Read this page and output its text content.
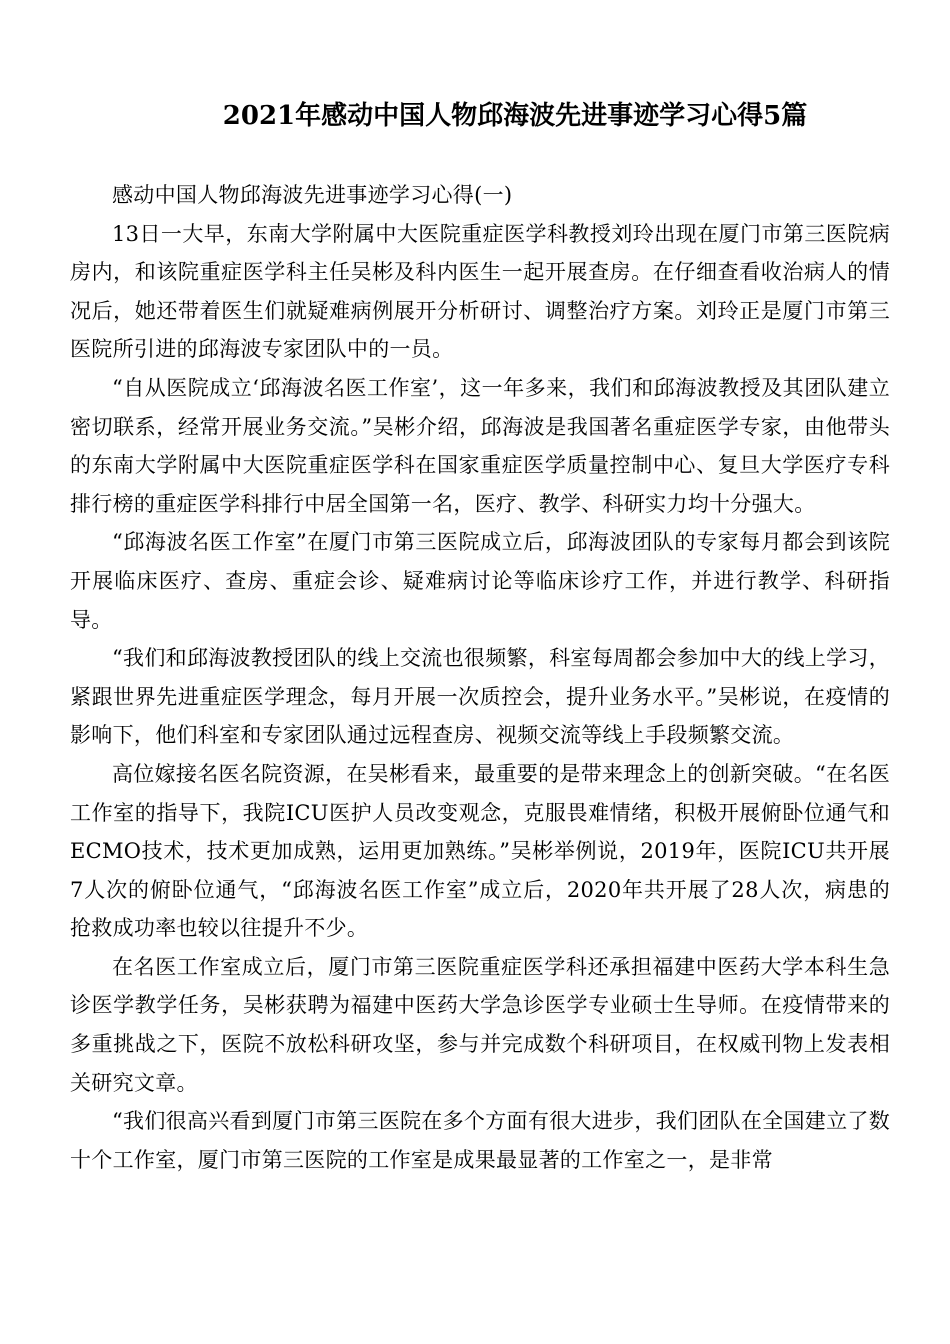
2021年感动中国人物邱海波先进事迹学习心得5篇

感动中国人物邱海波先进事迹学习心得(一)

13日一大早，东南大学附属中大医院重症医学科教授刘玲出现在厦门市第三医院病房内，和该院重症医学科主任吴彬及科内医生一起开展查房。在仔细查看收治病人的情况后，她还带着医生们就疑难病例展开分析研讨、调整治疗方案。刘玲正是厦门市第三医院所引进的邱海波专家团队中的一员。

“自从医院成立‘邱海波名医工作室’，这一年多来，我们和邱海波教授及其团队建立密切联系，经常开展业务交流。”吴彬介绍，邱海波是我国著名重症医学专家，由他带头的东南大学附属中大医院重症医学科在国家重症医学质量控制中心、复旦大学医疗专科排行榜的重症医学科排行中居全国第一名，医疗、教学、科研实力均十分强大。

“邱海波名医工作室”在厦门市第三医院成立后，邱海波团队的专家每月都会到该院开展临床医疗、查房、重症会诊、疑难病讨论等临床诊疗工作，并进行教学、科研指导。

“我们和邱海波教授团队的线上交流也很频繁，科室每周都会参加中大的线上学习，紧跟世界先进重症医学理念，每月开展一次质控会，提升业务水平。”吴彬说，在疫情的影响下，他们科室和专家团队通过远程查房、视频交流等线上手段频繁交流。

高位嫁接名医名院资源，在吴彬看来，最重要的是带来理念上的创新突破。“在名医工作室的指导下，我院ICU医护人员改变观念，克服畏难情绪，积极开展俯卧位通气和ECMO技术，技术更加成熟，运用更加熟练。”吴彬举例说，2019年，医院ICU共开展7人次的俯卧位通气，“邱海波名医工作室”成立后，2020年共开展了28人次，病患的抢救成功率也较以往提升不少。

在名医工作室成立后，厦门市第三医院重症医学科还承担福建中医药大学本科生急诊医学教学任务，吴彬获聘为福建中医药大学急诊医学专业硕士生导师。在疫情带来的多重挑战之下，医院不放松科研攻坚，参与并完成数个科研项目，在权威刊物上发表相关研究文章。

“我们很高兴看到厦门市第三医院在多个方面有很大进步，我们团队在全国建立了数十个工作室，厦门市第三医院的工作室是成果最显著的工作室之一，是非常
